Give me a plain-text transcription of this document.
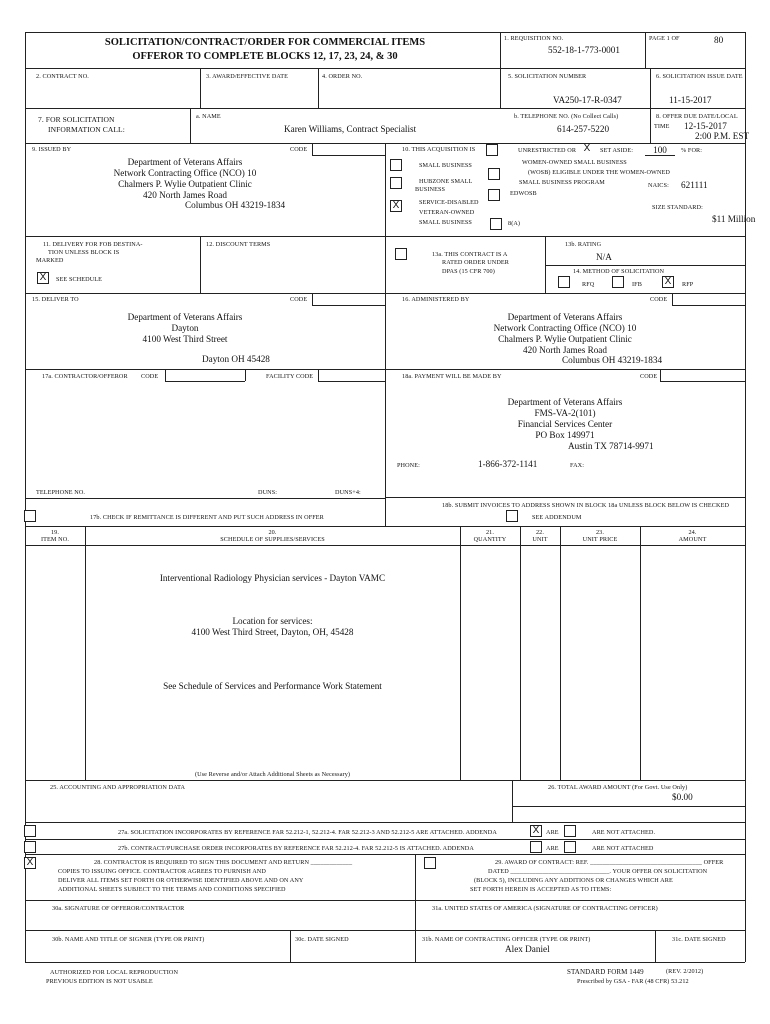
SOLICITATION/CONTRACT/ORDER FOR COMMERCIAL ITEMS
OFFEROR TO COMPLETE BLOCKS 12, 17, 23, 24, & 30
1. REQUISITION NO.
552-18-1-773-0001
PAGE 1 OF	80
2. CONTRACT NO.	3. AWARD/EFFECTIVE DATE	4. ORDER NO.	5. SOLICITATION NUMBER
VA250-17-R-0347
6. SOLICITATION ISSUE DATE
11-15-2017
7. FOR SOLICITATION
INFORMATION CALL:
a. NAME
Karen Williams, Contract Specialist
b. TELEPHONE NO. (No Collect Calls)
614-257-5220
8. OFFER DUE DATE/LOCAL
TIME 12-15-2017
2:00 P.M. EST
9. ISSUED BY	CODE
Department of Veterans Affairs
Network Contracting Office (NCO) 10
Chalmers P. Wylie Outpatient Clinic
420 North James Road
Columbus OH 43219-1834
10. THIS ACQUISITION IS	UNRESTRICTED OR X SET ASIDE:	100	% FOR:
SMALL BUSINESS
HUBZONE SMALL
BUSINESS
X	SERVICE-DISABLED
VETERAN-OWNED
SMALL BUSINESS
WOMEN-OWNED SMALL BUSINESS
(WOSB) ELIGIBLE UNDER THE WOMEN-OWNED
SMALL BUSINESS PROGRAM
EDWOSB
8(A)
NAICS: 621111
SIZE STANDARD:
$11 Million
11. DELIVERY FOR FOB DESTINA-
TION UNLESS BLOCK IS
MARKED
X	SEE SCHEDULE
12. DISCOUNT TERMS
13a. THIS CONTRACT IS A
RATED ORDER UNDER
DPAS (15 CFR 700)
13b. RATING
N/A
14. METHOD OF SOLICITATION
RFQ	IFB X	RFP
15. DELIVER TO	CODE
Department of Veterans Affairs
Dayton
4100 West Third Street
Dayton OH 45428
16. ADMINISTERED BY	CODE
Department of Veterans Affairs
Network Contracting Office (NCO) 10
Chalmers P. Wylie Outpatient Clinic
420 North James Road
Columbus OH 43219-1834
17a. CONTRACTOR/OFFEROR CODE	FACILITY CODE	18a. PAYMENT WILL BE MADE BY	CODE
Department of Veterans Affairs
FMS-VA-2(101)
Financial Services Center
PO Box 149971
Austin TX 78714-9971
PHONE:	1-866-372-1141	FAX:
TELEPHONE NO.	DUNS:	DUNS+4:
17b. CHECK IF REMITTANCE IS DIFFERENT AND PUT SUCH ADDRESS IN OFFER
18b. SUBMIT INVOICES TO ADDRESS SHOWN IN BLOCK 18a UNLESS BLOCK BELOW IS CHECKED
SEE ADDENDUM
19.
ITEM NO.
20.
SCHEDULE OF SUPPLIES/SERVICES
21.
QUANTITY
22.
UNIT
23.
UNIT PRICE
24.
AMOUNT
Interventional Radiology Physician services - Dayton VAMC
Location for services:
4100 West Third Street, Dayton, OH, 45428
See Schedule of Services and Performance Work Statement
(Use Reverse and/or Attach Additional Sheets as Necessary)
25. ACCOUNTING AND APPROPRIATION DATA	26. TOTAL AWARD AMOUNT (For Govt. Use Only)
$0.00
27a. SOLICITATION INCORPORATES BY REFERENCE FAR 52.212-1, 52.212-4. FAR 52.212-3 AND 52.212-5 ARE ATTACHED. ADDENDA	X	ARE	ARE NOT ATTACHED.
27b. CONTRACT/PURCHASE ORDER INCORPORATES BY REFERENCE FAR 52.212-4. FAR 52.212-5 IS ATTACHED. ADDENDA	ARE	ARE NOT ATTACHED
X	28. CONTRACTOR IS REQUIRED TO SIGN THIS DOCUMENT AND RETURN _____________
COPIES TO ISSUING OFFICE. CONTRACTOR AGREES TO FURNISH AND
DELIVER ALL ITEMS SET FORTH OR OTHERWISE IDENTIFIED ABOVE AND ON ANY
ADDITIONAL SHEETS SUBJECT TO THE TERMS AND CONDITIONS SPECIFIED
29. AWARD OF CONTRACT: REF. ___________________________________ OFFER
DATED _______________________________. YOUR OFFER ON SOLICITATION
(BLOCK 5), INCLUDING ANY ADDITIONS OR CHANGES WHICH ARE
SET FORTH HEREIN IS ACCEPTED AS TO ITEMS:
30a. SIGNATURE OF OFFEROR/CONTRACTOR	31a. UNITED STATES OF AMERICA (SIGNATURE OF CONTRACTING OFFICER)
30b. NAME AND TITLE OF SIGNER (TYPE OR PRINT)	30c. DATE SIGNED	31b. NAME OF CONTRACTING OFFICER (TYPE OR PRINT)
Alex Daniel
31c. DATE SIGNED
AUTHORIZED FOR LOCAL REPRODUCTION
PREVIOUS EDITION IS NOT USABLE
STANDARD FORM 1449	(REV. 2/2012)
Prescribed by GSA - FAR (48 CFR) 53.212
